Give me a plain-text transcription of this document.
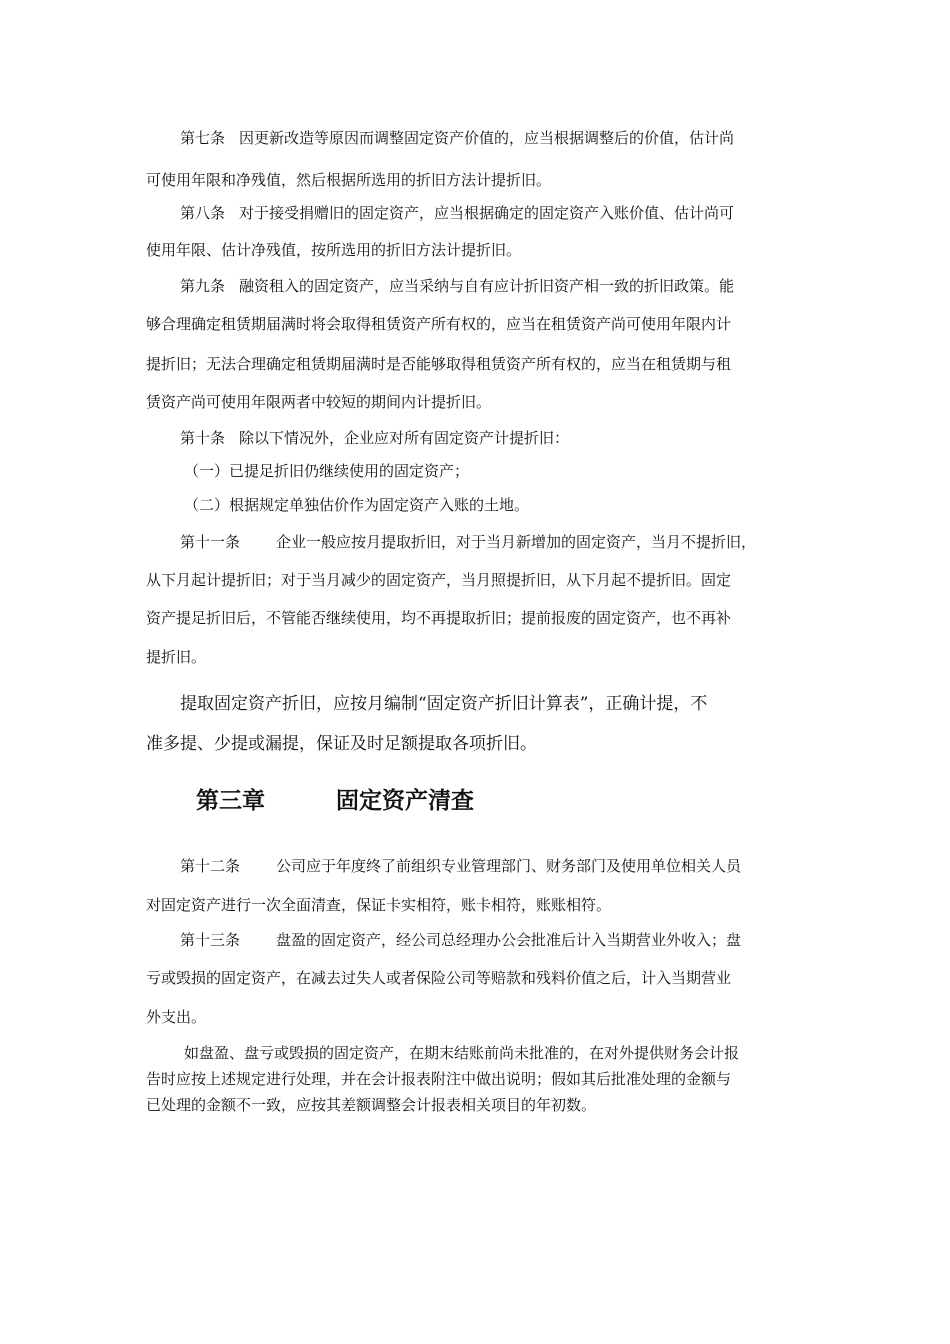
第七条 因更新改造等原因而调整固定资产价值的，应当根据调整后的价值，估计尚
可使用年限和净残值，然后根据所选用的折旧方法计提折旧。
第八条 对于接受捐赠旧的固定资产，应当根据确定的固定资产入账价值、估计尚可
使用年限、估计净残值，按所选用的折旧方法计提折旧。
第九条 融资租入的固定资产，应当采纳与自有应计折旧资产相一致的折旧政策。能
够合理确定租赁期届满时将会取得租赁资产所有权的，应当在租赁资产尚可使用年限内计
提折旧；无法合理确定租赁期届满时是否能够取得租赁资产所有权的，应当在租赁期与租
赁资产尚可使用年限两者中较短的期间内计提折旧。
第十条 除以下情况外，企业应对所有固定资产计提折旧：
（一）已提足折旧仍继续使用的固定资产；
（二）根据规定单独估价作为固定资产入账的土地。
第十一条 企业一般应按月提取折旧，对于当月新增加的固定资产，当月不提折旧，
从下月起计提折旧；对于当月减少的固定资产，当月照提折旧，从下月起不提折旧。固定
资产提足折旧后，不管能否继续使用，均不再提取折旧；提前报废的固定资产，也不再补
提折旧。
提取固定资产折旧，应按月编制“固定资产折旧计算表”，正确计提，不
准多提、少提或漏提，保证及时足额提取各项折旧。
第三章	固定资产清查
第十二条 公司应于年度终了前组织专业管理部门、财务部门及使用单位相关人员
对固定资产进行一次全面清查，保证卡实相符，账卡相符，账账相符。
第十三条 盘盈的固定资产，经公司总经理办公会批准后计入当期营业外收入；盘
亏或毁损的固定资产，在减去过失人或者保险公司等赔款和残料价值之后，计入当期营业
外支出。
如盘盈、盘亏或毁损的固定资产，在期末结账前尚未批准的，在对外提供财务会计报
告时应按上述规定进行处理，并在会计报表附注中做出说明；假如其后批准处理的金额与
已处理的金额不一致，应按其差额调整会计报表相关项目的年初数。
